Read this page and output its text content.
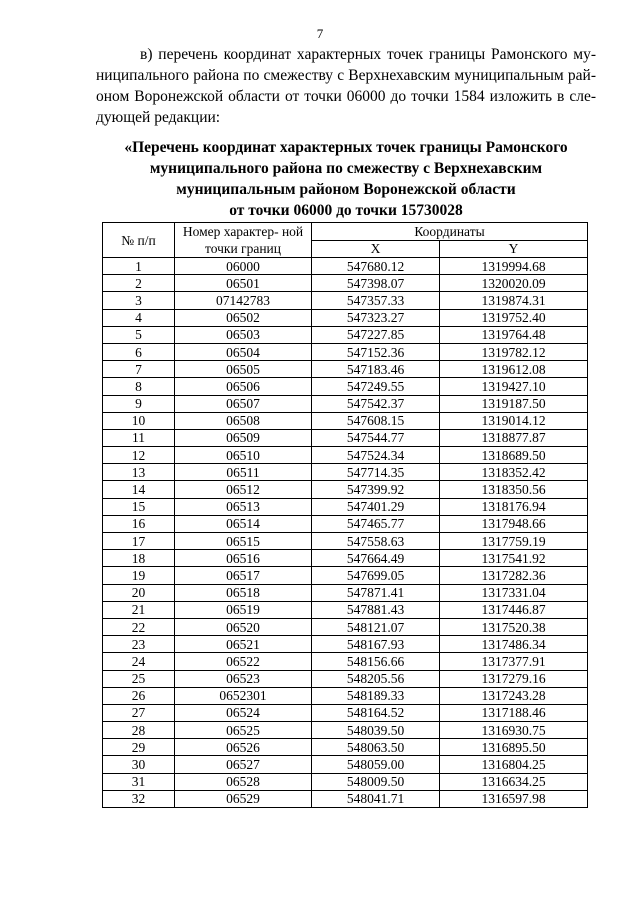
7
в) перечень координат характерных точек границы Рамонского му-
ниципального района по смежеству с Верхнехавским муниципальным рай-
оном Воронежской области от точки 06000 до точки 1584 изложить в сле-
дующей редакции:
«Перечень координат характерных точек границы Рамонского
муниципального района по смежеству с Верхнехавским
муниципальным районом Воронежской области
от точки 06000 до точки 15730028
№ п/п	Номер характер- ной точки границ	Координаты	
		X	Y
1	06000	547680.12	1319994.68
2	06501	547398.07	1320020.09
3	07142783	547357.33	1319874.31
4	06502	547323.27	1319752.40
5	06503	547227.85	1319764.48
6	06504	547152.36	1319782.12
7	06505	547183.46	1319612.08
8	06506	547249.55	1319427.10
9	06507	547542.37	1319187.50
10	06508	547608.15	1319014.12
11	06509	547544.77	1318877.87
12	06510	547524.34	1318689.50
13	06511	547714.35	1318352.42
14	06512	547399.92	1318350.56
15	06513	547401.29	1318176.94
16	06514	547465.77	1317948.66
17	06515	547558.63	1317759.19
18	06516	547664.49	1317541.92
19	06517	547699.05	1317282.36
20	06518	547871.41	1317331.04
21	06519	547881.43	1317446.87
22	06520	548121.07	1317520.38
23	06521	548167.93	1317486.34
24	06522	548156.66	1317377.91
25	06523	548205.56	1317279.16
26	0652301	548189.33	1317243.28
27	06524	548164.52	1317188.46
28	06525	548039.50	1316930.75
29	06526	548063.50	1316895.50
30	06527	548059.00	1316804.25
31	06528	548009.50	1316634.25
32	06529	548041.71	1316597.98
